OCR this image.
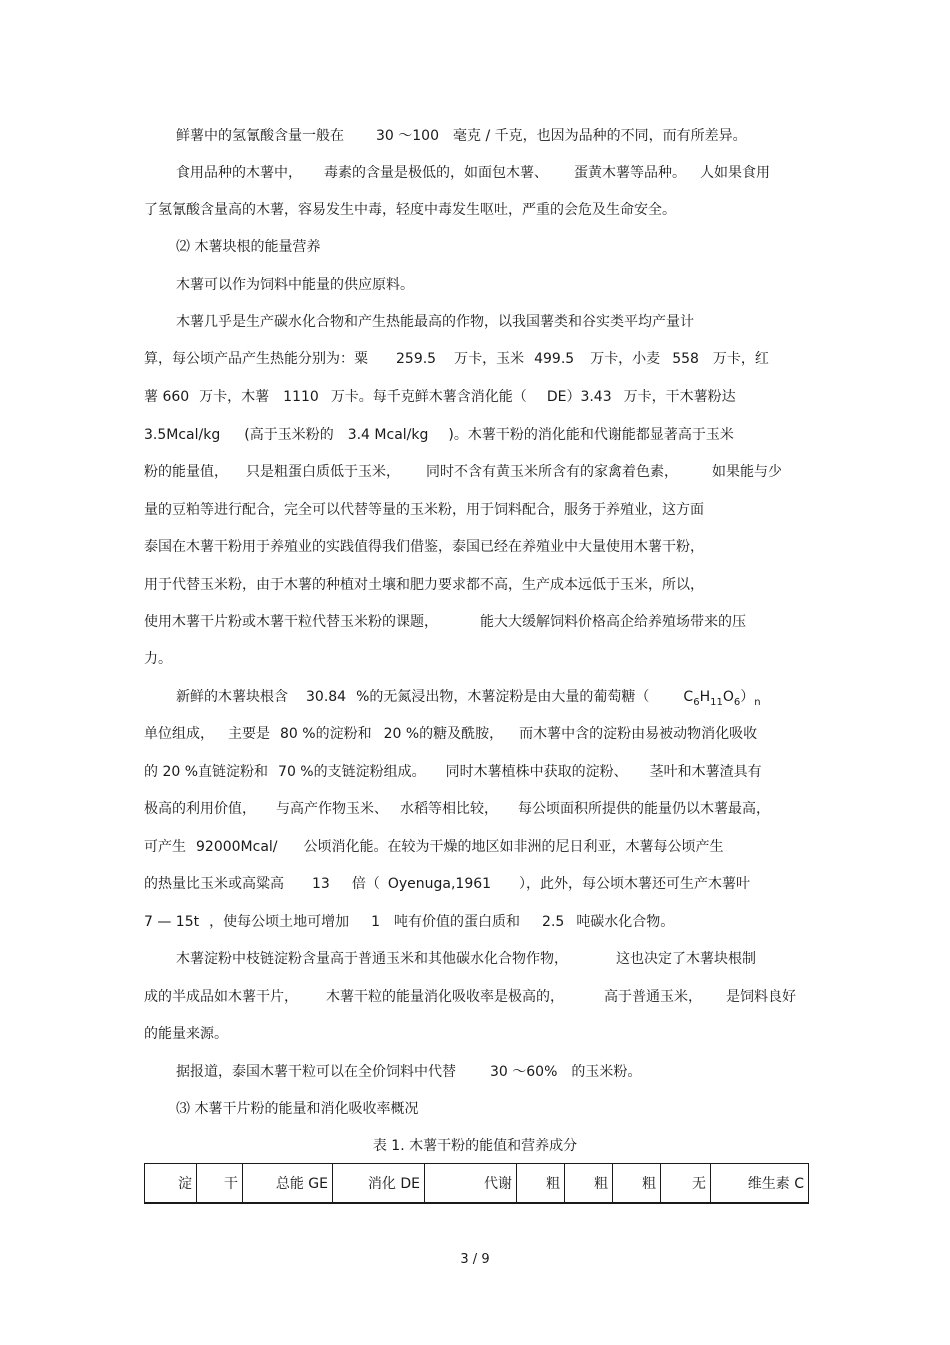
鲜薯中的氢氰酸含量一般在 30 ～100 毫克 / 千克，也因为品种的不同，而有所差异。
食用品种的木薯中， 毒素的含量是极低的，如面包木薯、 蛋黄木薯等品种。 人如果食用
了氢氰酸含量高的木薯，容易发生中毒，轻度中毒发生呕吐，严重的会危及生命安全。
⑵ 木薯块根的能量营养
木薯可以作为饲料中能量的供应原料。
木薯几乎是生产碳水化合物和产生热能最高的作物，以我国薯类和谷实类平均产量计
算，每公顷产品产生热能分别为：粟 259.5 万卡，玉米 499.5 万卡，小麦 558 万卡，红
薯 660 万卡，木薯 1110 万卡。每千克鲜木薯含消化能（ DE）3.43 万卡，干木薯粉达
3.5Mcal/kg (高于玉米粉的 3.4 Mcal/kg )。木薯干粉的消化能和代谢能都显著高于玉米
粉的能量值， 只是粗蛋白质低于玉米， 同时不含有黄玉米所含有的家禽着色素， 如果能与少
量的豆粕等进行配合，完全可以代替等量的玉米粉，用于饲料配合，服务于养殖业，这方面
泰国在木薯干粉用于养殖业的实践值得我们借鉴，泰国已经在养殖业中大量使用木薯干粉，
用于代替玉米粉，由于木薯的种植对土壤和肥力要求都不高，生产成本远低于玉米，所以，
使用木薯干片粉或木薯干粒代替玉米粉的课题，	能大大缓解饲料价格高企给养殖场带来的压
力。
新鲜的木薯块根含 30.84 %的无氮浸出物，木薯淀粉是由大量的葡萄糖（ $C_6H_{11}O_6)_n$
单位组成， 主要是 80 %的淀粉和 20 %的糖及酰胺， 而木薯中含的淀粉由易被动物消化吸收
的 20 %直链淀粉和 70 %的支链淀粉组成。 同时木薯植株中获取的淀粉、 茎叶和木薯渣具有
极高的利用价值， 与高产作物玉米、 水稻等相比较， 每公顷面积所提供的能量仍以木薯最高，
可产生 92000Mcal/ 公顷消化能。在较为干燥的地区如非洲的尼日利亚，木薯每公顷产生
的热量比玉米或高粱高 13 倍（ Oyenuga,1961 ），此外，每公顷木薯还可生产木薯叶
7 — 15t ，使每公顷土地可增加 1 吨有价值的蛋白质和 2.5 吨碳水化合物。
木薯淀粉中枝链淀粉含量高于普通玉米和其他碳水化合物作物，	这也决定了木薯块根制
成的半成品如木薯干片， 木薯干粒的能量消化吸收率是极高的，	高于普通玉米， 是饲料良好
的能量来源。
据报道，泰国木薯干粒可以在全价饲料中代替 30 ～60% 的玉米粉。
⑶ 木薯干片粉的能量和消化吸收率概况
表 1. 木薯干粉的能值和营养成分
淀	干	总能 GE	消化 DE	代谢	粗	粗	粗	无	维生素 C
3 / 9
